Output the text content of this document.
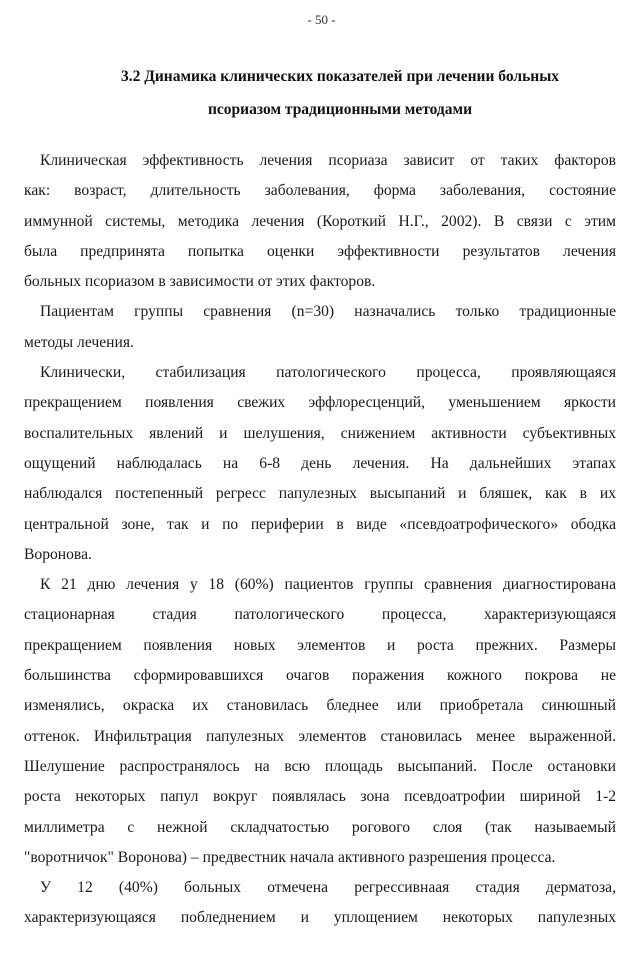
- 50 -
3.2 Динамика клинических показателей при лечении больных
псориазом традиционными методами
Клиническая эффективность лечения псориаза зависит от таких факторов
как: возраст, длительность заболевания, форма заболевания, состояние
иммунной системы, методика лечения (Короткий Н.Г., 2002). В связи с этим
была предпринята попытка оценки эффективности результатов лечения
больных псориазом в зависимости от этих факторов.
Пациентам группы сравнения (n=30) назначались только традиционные
методы лечения.
Клинически, стабилизация патологического процесса, проявляющаяся
прекращением появления свежих эффлоресценций, уменьшением яркости
воспалительных явлений и шелушения, снижением активности субъективных
ощущений наблюдалась на 6-8 день лечения. На дальнейших этапах
наблюдался постепенный регресс папулезных высыпаний и бляшек, как в их
центральной зоне, так и по периферии в виде «псевдоатрофического» ободка
Воронова.
К 21 дню лечения у 18 (60%) пациентов группы сравнения диагностирована
стационарная стадия патологического процесса, характеризующаяся
прекращением появления новых элементов и роста прежних. Размеры
большинства сформировавшихся очагов поражения кожного покрова не
изменялись, окраска их становилась бледнее или приобретала синюшный
оттенок. Инфильтрация папулезных элементов становилась менее выраженной.
Шелушение распространялось на всю площадь высыпаний. После остановки
роста некоторых папул вокруг появлялась зона псевдоатрофии шириной 1-2
миллиметра с нежной складчатостью рогового слоя (так называемый
"воротничок" Воронова) – предвестник начала активного разрешения процесса.
У 12 (40%) больных отмечена регрессивнаая стадия дерматоза,
характеризующаяся побледнением и уплощением некоторых папулезных
